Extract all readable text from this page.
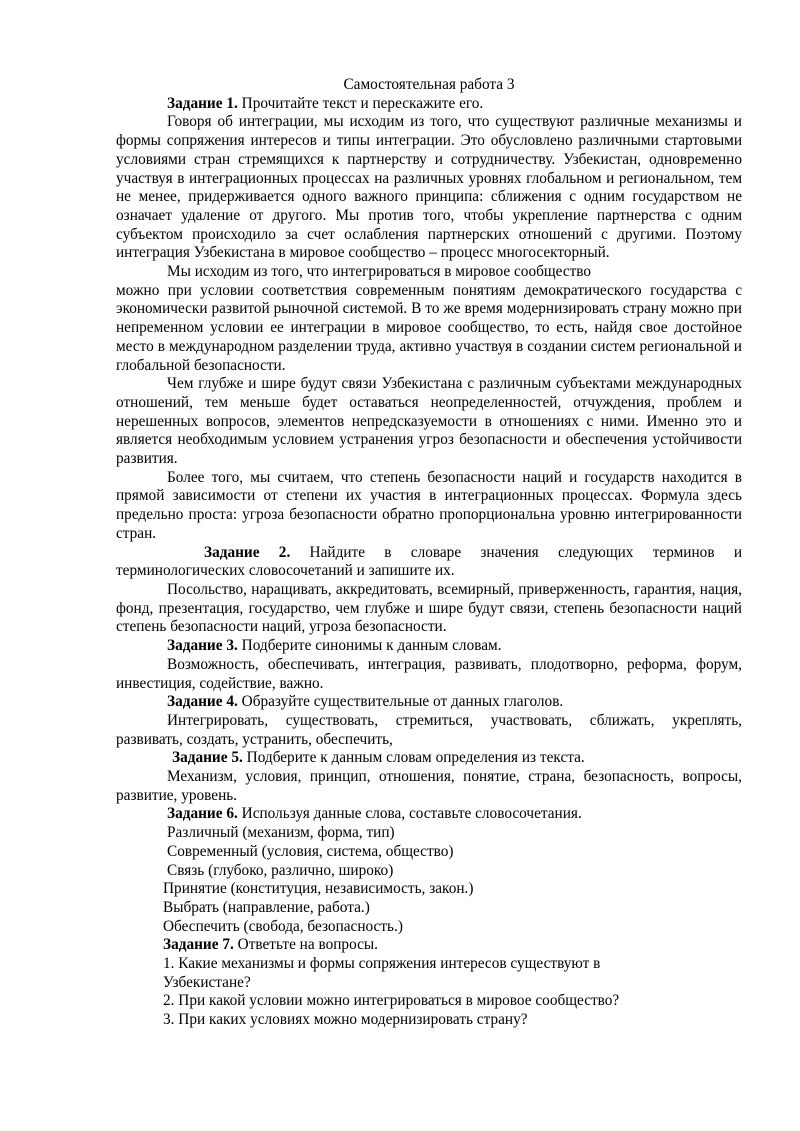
Самостоятельная работа 3

Задание 1. Прочитайте текст и перескажите его.

Говоря об интеграции, мы исходим из того, что существуют различные механизмы и формы сопряжения интересов и типы интеграции. Это обусловлено различными стартовыми условиями стран стремящихся к партнерству и сотрудничеству. Узбекистан, одновременно участвуя в интеграционных процессах на различных уровнях глобальном и региональном, тем не менее, придерживается одного важного принципа: сближения с одним государством не означает удаление от другого. Мы против того, чтобы укрепление партнерства с одним субъектом происходило за счет ослабления партнерских отношений с другими. Поэтому интеграция Узбекистана в мировое сообщество – процесс многосекторный.

Мы исходим из того, что интегрироваться в мировое сообщество

можно при условии соответствия современным понятиям демократического государства с экономически развитой рыночной системой. В то же время модернизировать страну можно при непременном условии ее интеграции в мировое сообщество, то есть, найдя свое достойное место в международном разделении труда, активно участвуя в создании систем региональной и глобальной безопасности.

Чем глубже и шире будут связи Узбекистана с различным субъектами международных отношений, тем меньше будет оставаться неопределенностей, отчуждения, проблем и нерешенных вопросов, элементов непредсказуемости в отношениях с ними. Именно это и является необходимым условием устранения угроз безопасности и обеспечения устойчивости развития.

Более того, мы считаем, что степень безопасности наций и государств находится в прямой зависимости от степени их участия в интеграционных процессах. Формула здесь предельно проста: угроза безопасности обратно пропорциональна уровню интегрированности стран.

Задание 2. Найдите в словаре значения следующих терминов и терминологических словосочетаний и запишите их.

Посольство, наращивать, аккредитовать, всемирный, приверженность, гарантия, нация, фонд, презентация, государство, чем глубже и шире будут связи, степень безопасности наций степень безопасности наций, угроза безопасности.

Задание 3. Подберите синонимы к данным словам.

Возможность, обеспечивать, интеграция, развивать, плодотворно, реформа, форум, инвестиция, содействие, важно.

Задание 4. Образуйте существительные от данных глаголов.

Интегрировать, существовать, стремиться, участвовать, сближать, укреплять, развивать, создать, устранить, обеспечить,

Задание 5. Подберите к данным словам определения из текста.

Механизм, условия, принцип, отношения, понятие, страна, безопасность, вопросы, развитие, уровень.

Задание 6. Используя данные слова, составьте словосочетания.

Различный (механизм, форма, тип)

Современный (условия, система, общество)

Связь (глубоко, различно, широко)

Принятие (конституция, независимость, закон.)

Выбрать (направление, работа.)

Обеспечить (свобода, безопасность.)

Задание 7. Ответьте на вопросы.

1. Какие механизмы и формы сопряжения интересов существуют в Узбекистане?

2. При какой условии можно интегрироваться в мировое сообщество?

3. При каких условиях можно модернизировать страну?
